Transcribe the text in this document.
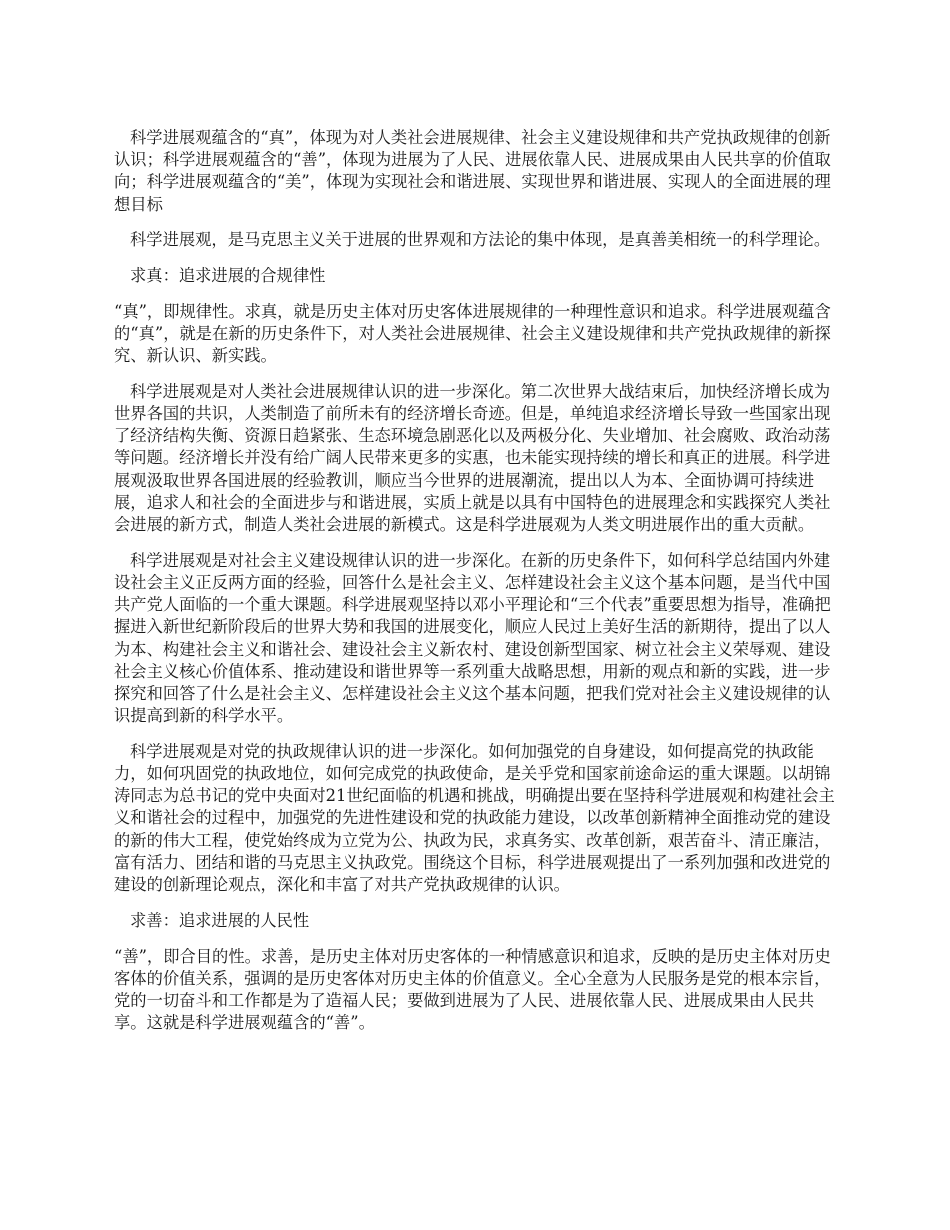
科学进展观蕴含的“真”，体现为对人类社会进展规律、社会主义建设规律和共产党执政规律的创新认识；科学进展观蕴含的“善”，体现为进展为了人民、进展依靠人民、进展成果由人民共享的价值取向；科学进展观蕴含的“美”，体现为实现社会和谐进展、实现世界和谐进展、实现人的全面进展的理想目标

科学进展观，是马克思主义关于进展的世界观和方法论的集中体现，是真善美相统一的科学理论。

求真：追求进展的合规律性

“真”，即规律性。求真，就是历史主体对历史客体进展规律的一种理性意识和追求。科学进展观蕴含的“真”，就是在新的历史条件下，对人类社会进展规律、社会主义建设规律和共产党执政规律的新探究、新认识、新实践。

科学进展观是对人类社会进展规律认识的进一步深化。第二次世界大战结束后，加快经济增长成为世界各国的共识，人类制造了前所未有的经济增长奇迹。但是，单纯追求经济增长导致一些国家出现了经济结构失衡、资源日趋紧张、生态环境急剧恶化以及两极分化、失业增加、社会腐败、政治动荡等问题。经济增长并没有给广阔人民带来更多的实惠，也未能实现持续的增长和真正的进展。科学进展观汲取世界各国进展的经验教训，顺应当今世界的进展潮流，提出以人为本、全面协调可持续进展，追求人和社会的全面进步与和谐进展，实质上就是以具有中国特色的进展理念和实践探究人类社会进展的新方式，制造人类社会进展的新模式。这是科学进展观为人类文明进展作出的重大贡献。

科学进展观是对社会主义建设规律认识的进一步深化。在新的历史条件下，如何科学总结国内外建设社会主义正反两方面的经验，回答什么是社会主义、怎样建设社会主义这个基本问题，是当代中国共产党人面临的一个重大课题。科学进展观坚持以邓小平理论和“三个代表”重要思想为指导，准确把握进入新世纪新阶段后的世界大势和我国的进展变化，顺应人民过上美好生活的新期待，提出了以人为本、构建社会主义和谐社会、建设社会主义新农村、建设创新型国家、树立社会主义荣辱观、建设社会主义核心价值体系、推动建设和谐世界等一系列重大战略思想，用新的观点和新的实践，进一步探究和回答了什么是社会主义、怎样建设社会主义这个基本问题，把我们党对社会主义建设规律的认识提高到新的科学水平。

科学进展观是对党的执政规律认识的进一步深化。如何加强党的自身建设，如何提高党的执政能力，如何巩固党的执政地位，如何完成党的执政使命，是关乎党和国家前途命运的重大课题。以胡锦涛同志为总书记的党中央面对21世纪面临的机遇和挑战，明确提出要在坚持科学进展观和构建社会主义和谐社会的过程中，加强党的先进性建设和党的执政能力建设，以改革创新精神全面推动党的建设的新的伟大工程，使党始终成为立党为公、执政为民，求真务实、改革创新，艰苦奋斗、清正廉洁，富有活力、团结和谐的马克思主义执政党。围绕这个目标，科学进展观提出了一系列加强和改进党的建设的创新理论观点，深化和丰富了对共产党执政规律的认识。

求善：追求进展的人民性

“善”，即合目的性。求善，是历史主体对历史客体的一种情感意识和追求，反映的是历史主体对历史客体的价值关系，强调的是历史客体对历史主体的价值意义。全心全意为人民服务是党的根本宗旨，党的一切奋斗和工作都是为了造福人民；要做到进展为了人民、进展依靠人民、进展成果由人民共享。这就是科学进展观蕴含的“善”。
